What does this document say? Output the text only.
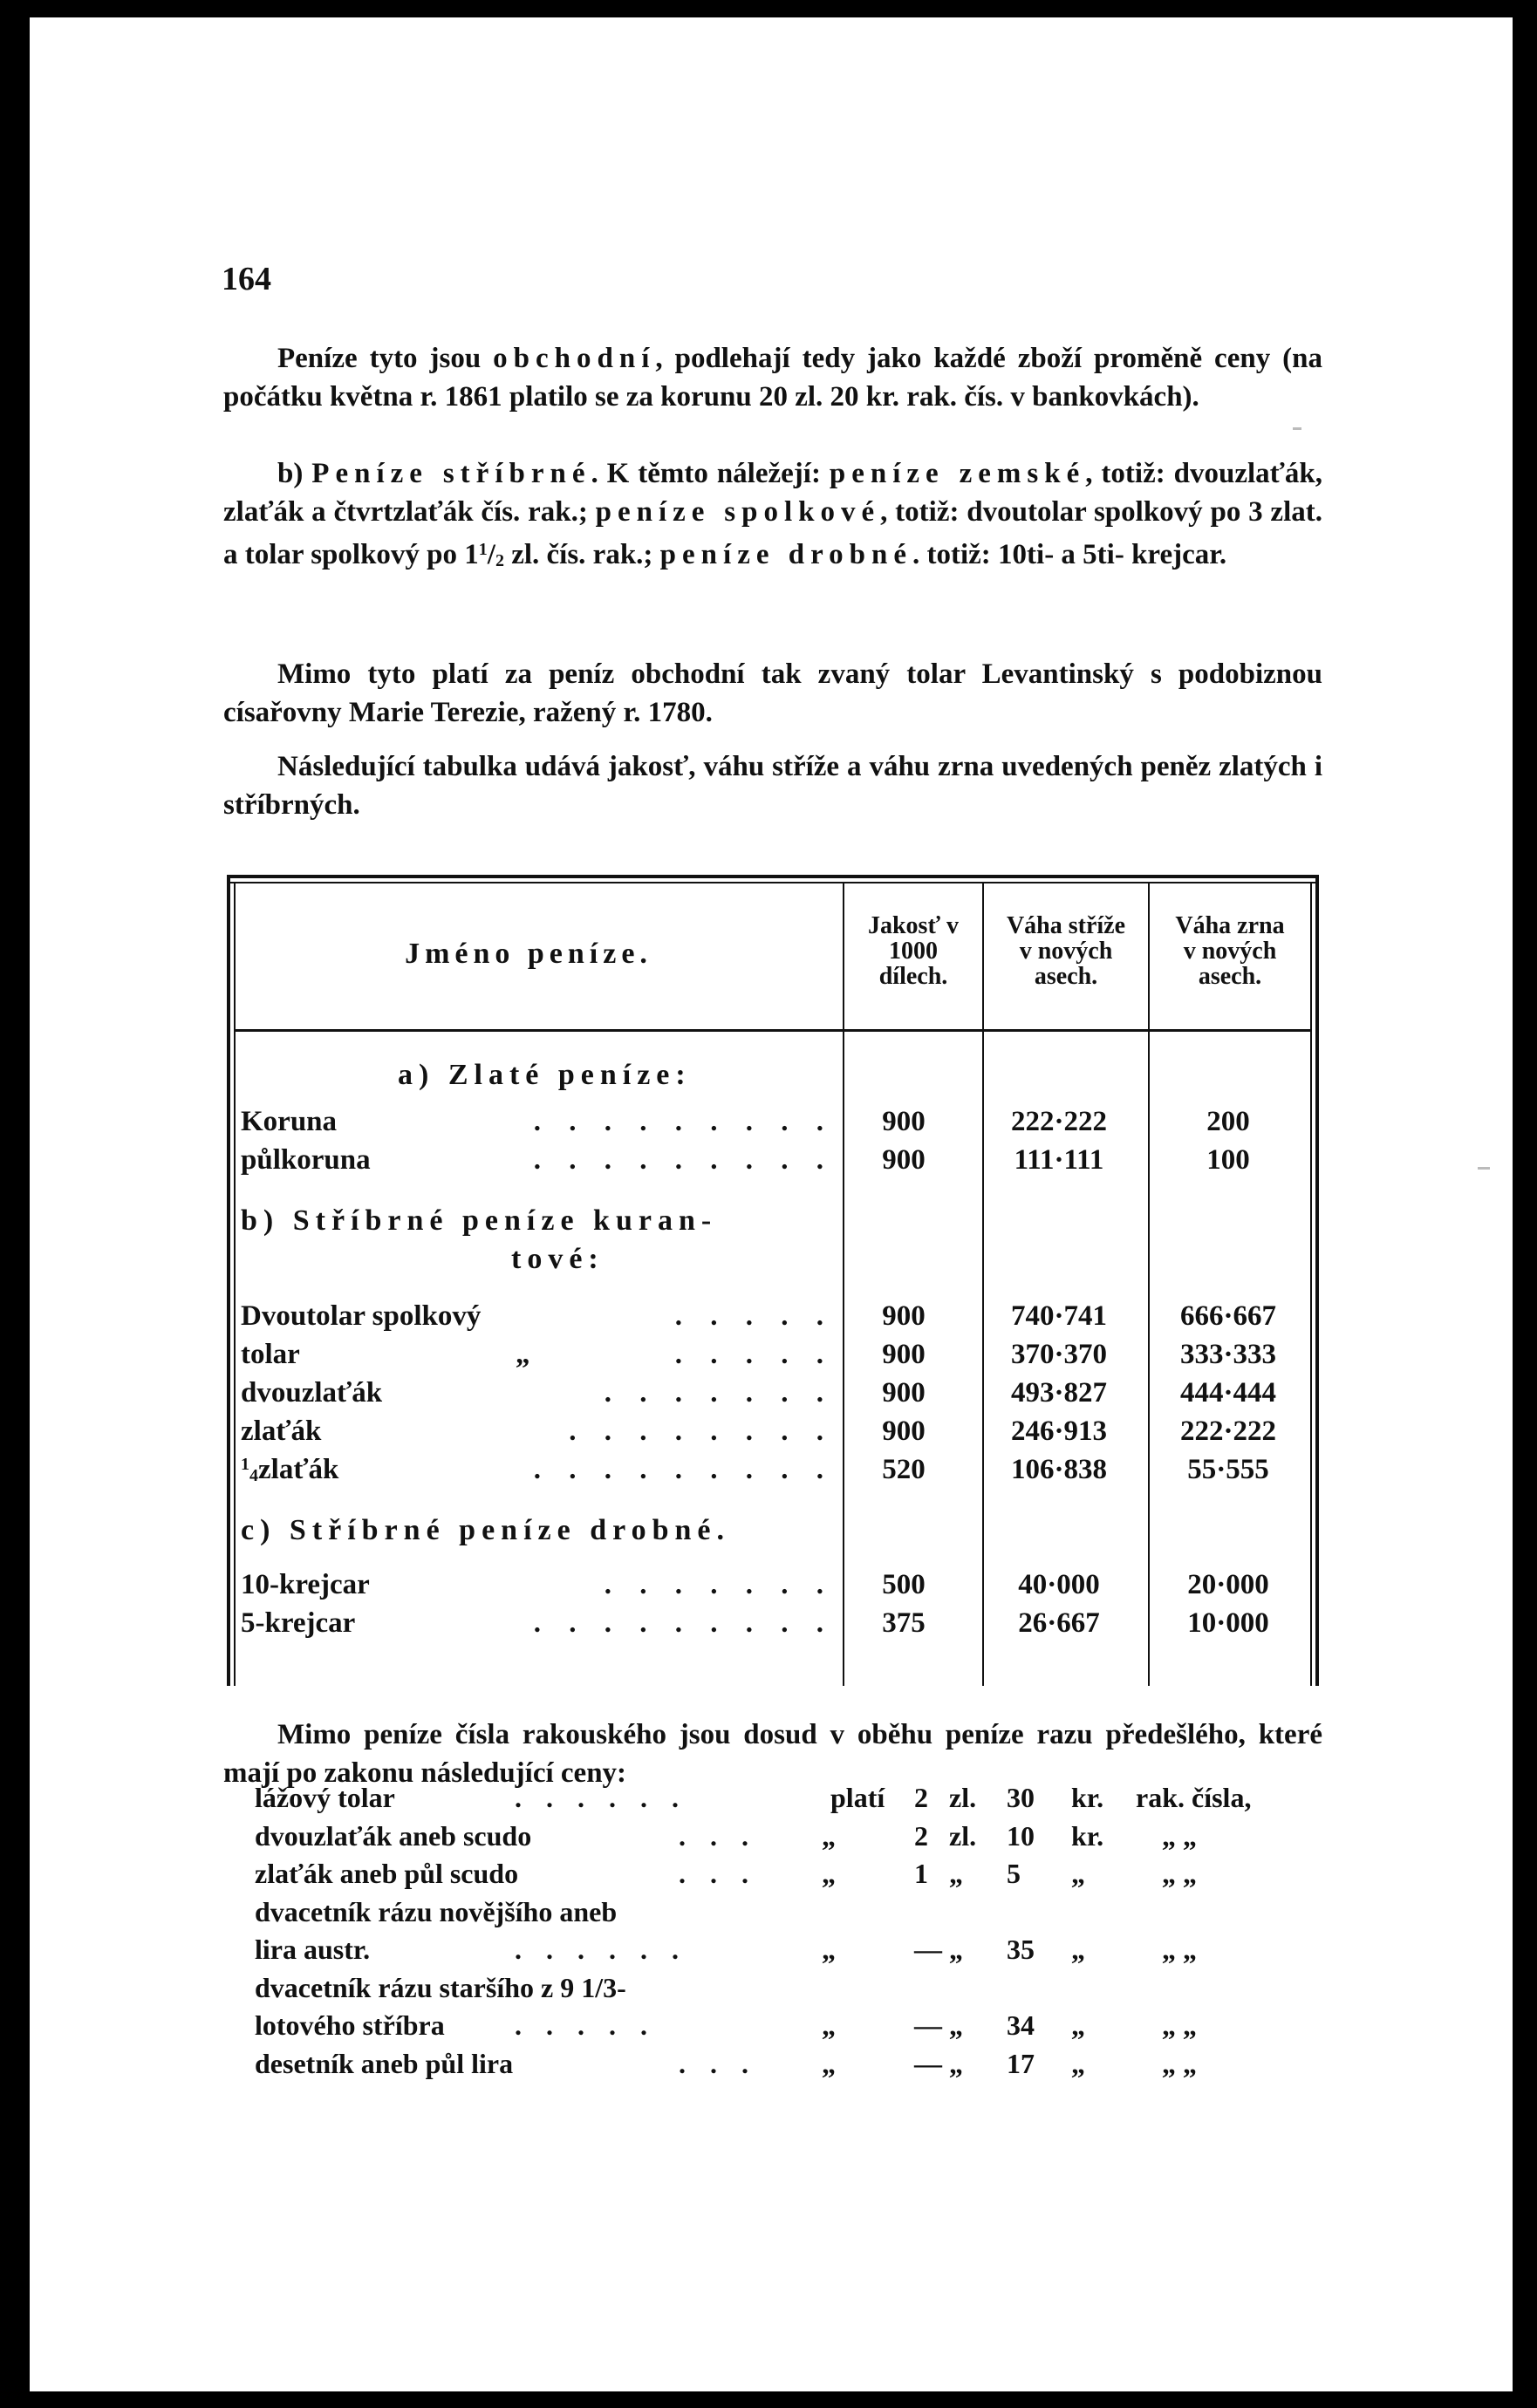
164

Peníze tyto jsou obchodní, podlehají tedy jako každé zboží proměně ceny (na počátku května r. 1861 platilo se za korunu 20 zl. 20 kr. rak. čís. v bankovkách).

b) Peníze stříbrné. K těmto náležejí: peníze zemské, totiž: dvouzlaťák, zlaťák a čtvrtzlaťák čís. rak.; peníze spolkové, totiž: dvoutolar spolkový po 3 zlat. a tolar spolkový po $1^1/2$ zl. čís. rak.; peníze drobné. totiž: 10ti- a 5ti- krejcar.

Mimo tyto platí za peníz obchodní tak zvaný tolar Levantinský s podobiznou císařovny Marie Terezie, ražený r. 1780.

Následující tabulka udává jakosť, váhu stříže a váhu zrna uvedených peněz zlatých i stříbrných.

Jméno peníze.
Jakosť v
1000
dílech.
Váha stříže
v nových
asech.
Váha zrna
v nových
asech.
a) Zlaté peníze:
Koruna	. . . . . . . . .	900	222·222	200
půlkoruna	. . . . . . . . .	900	111·111	100
b) Stříbrné peníze kuran-
tové:
Dvoutolar spolkový	. . . . .	900	740·741	666·667
tolar	„	. . . . .	900	370·370	333·333
dvouzlaťák	. . . . . . .	900	493·827	444·444
zlaťák	. . . . . . . .	900	246·913	222·222
$^1$4zlaťák	. . . . . . . . .	520	106·838	55·555
c) Stříbrné peníze drobné.
10-krejcar	. . . . . . .	500	40·000	20·000
5-krejcar	. . . . . . . . .	375	26·667	10·000

Mimo peníze čísla rakouského jsou dosud v oběhu peníze razu předešlého, které mají po zakonu následující ceny:

lážový tolar	. . . . . .	platí 2 zl. 30 kr. rak. čísla,
dvouzlaťák aneb scudo	. . . „	2 zl. 10 kr. „ „
zlaťák aneb půl scudo	. . . „	1 „ 5 „	„ „
dvacetník rázu novějšího aneb
lira austr.	. . . . . .	„	— „ 35 „	„ „
dvacetník rázu staršího z 9 1/3-
lotového stříbra	. . . . .	„	— „ 34 „	„ „
desetník aneb půl lira	. . . „	— „ 17 „	„ „
